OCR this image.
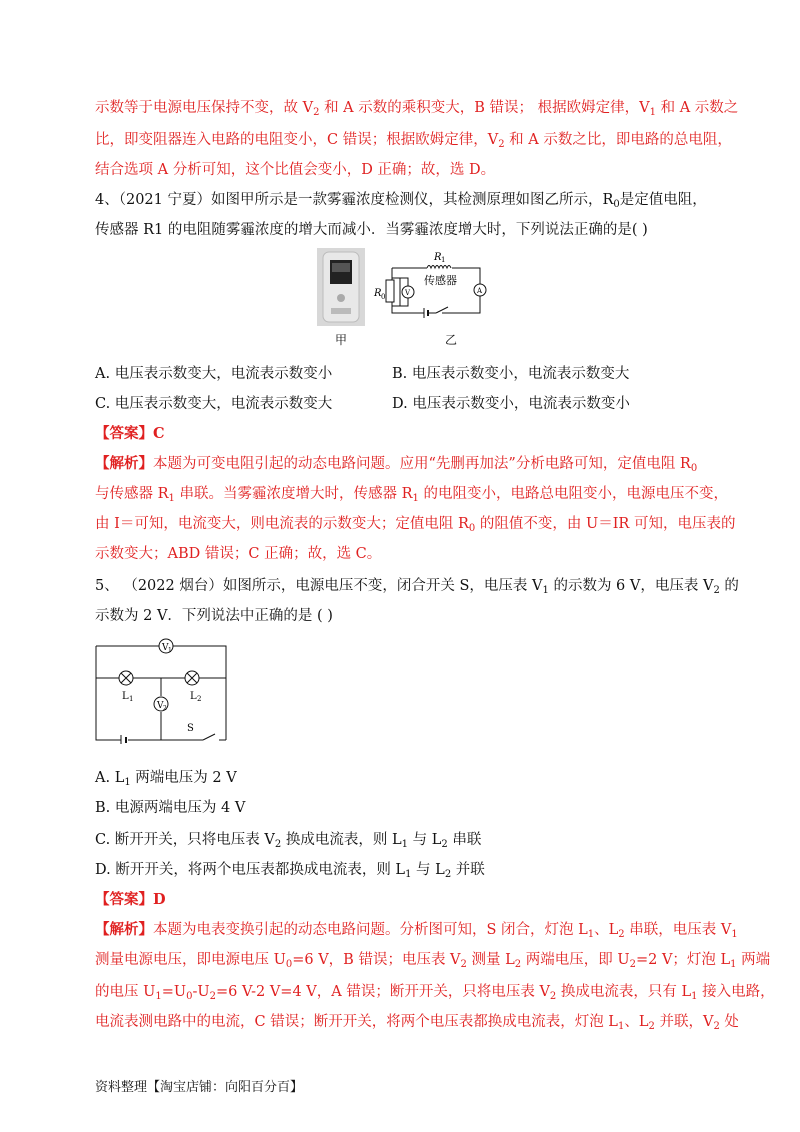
示数等于电源电压保持不变，故 $V_2$ 和 A 示数的乘积变大，B 错误； 根据欧姆定律，$V_1$ 和 A 示数之
比，即变阻器连入电路的电阻变小，C 错误；根据欧姆定律，$V_2$ 和 A 示数之比，即电路的总电阻，
结合选项 A 分析可知，这个比值会变小，D 正确；故，选 D。
4、（2021 宁夏）如图甲所示是一款雾霾浓度检测仪，其检测原理如图乙所示，$R_0$是定值电阻，
传感器 R1 的电阻随雾霾浓度的增大而减小．当雾霾浓度增大时，下列说法正确的是( )
甲
R 0	V	A
R 1
传感器
乙
A. 电压表示数变大，电流表示数变小	B. 电压表示数变小，电流表示数变大
C. 电压表示数变大，电流表示数变大	D. 电压表示数变小，电流表示数变小
【答案】C
【解析】本题为可变电阻引起的动态电路问题。应用“先删再加法”分析电路可知，定值电阻 $R_0$
与传感器 $R_1$ 串联。当雾霾浓度增大时，传感器 $R_1$ 的电阻变小，电路总电阻变小，电源电压不变，
由 I＝可知，电流变大，则电流表的示数变大；定值电阻 $R_0$ 的阻值不变，由 U＝IR 可知，电压表的
示数变大；ABD 错误；C 正确；故，选 C。
5、 （2022 烟台）如图所示，电源电压不变，闭合开关 S，电压表 $V_1$ 的示数为 6 V，电压表 $V_2$ 的
示数为 2 V．下列说法中正确的是 ( )
V 1
V 2
L 1	L 2
S
A. $L_1$ 两端电压为 2 V
B. 电源两端电压为 4 V
C. 断开开关，只将电压表 $V_2$ 换成电流表，则 $L_1$ 与 $L_2$ 串联
D. 断开开关，将两个电压表都换成电流表，则 $L_1$ 与 $L_2$ 并联
【答案】D
【解析】本题为电表变换引起的动态电路问题。分析图可知，S 闭合，灯泡 $L_1$、$L_2$ 串联，电压表 $V_1$
测量电源电压，即电源电压 $U_0=6$ V，B 错误；电压表 $V_2$ 测量 $L_2$ 两端电压，即 $U_2=2$ V；灯泡 $L_1$ 两端
的电压 $U_1=U_0-U_2=6$ V-2 V=4 V，A 错误；断开开关，只将电压表 $V_2$ 换成电流表，只有 $L_1$ 接入电路，
电流表测电路中的电流，C 错误；断开开关，将两个电压表都换成电流表，灯泡 $L_1$、$L_2$ 并联，$V_2$ 处
资料整理【淘宝店铺：向阳百分百】
